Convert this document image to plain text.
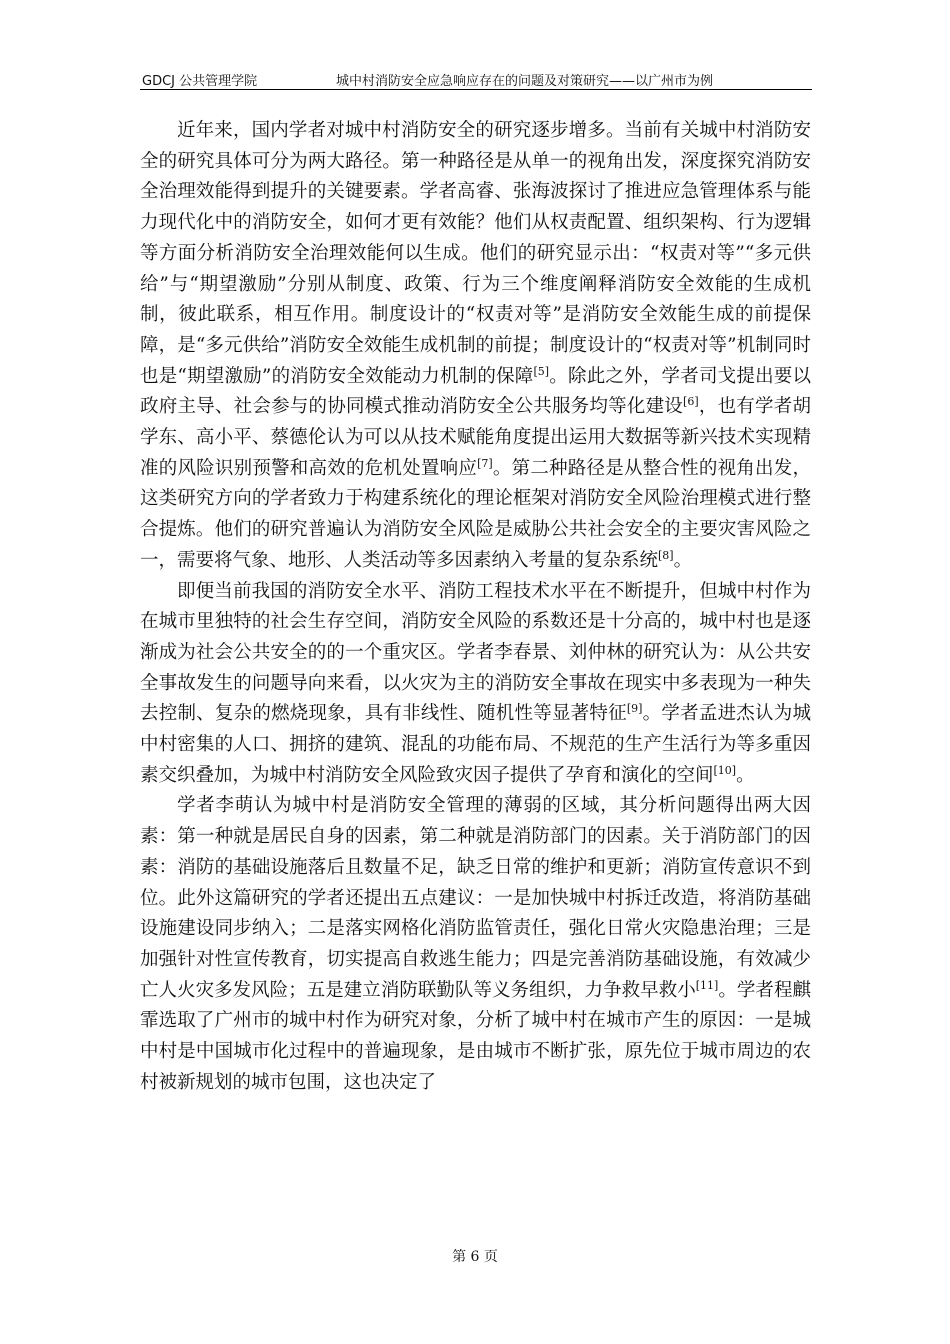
GDCJ 公共管理学院	城中村消防安全应急响应存在的问题及对策研究——以广州市为例

近年来，国内学者对城中村消防安全的研究逐步增多。当前有关城中村消防安全的研究具体可分为两大路径。第一种路径是从单一的视角出发，深度探究消防安全治理效能得到提升的关键要素。学者高睿、张海波探讨了推进应急管理体系与能力现代化中的消防安全，如何才更有效能？他们从权责配置、组织架构、行为逻辑等方面分析消防安全治理效能何以生成。他们的研究显示出：“权责对等”“多元供给”与“期望激励”分别从制度、政策、行为三个维度阐释消防安全效能的生成机制，彼此联系，相互作用。制度设计的“权责对等”是消防安全效能生成的前提保障，是“多元供给”消防安全效能生成机制的前提；制度设计的“权责对等”机制同时也是“期望激励”的消防安全效能动力机制的保障[5]。除此之外，学者司戈提出要以政府主导、社会参与的协同模式推动消防安全公共服务均等化建设[6]，也有学者胡学东、高小平、蔡德伦认为可以从技术赋能角度提出运用大数据等新兴技术实现精准的风险识别预警和高效的危机处置响应[7]。第二种路径是从整合性的视角出发，这类研究方向的学者致力于构建系统化的理论框架对消防安全风险治理模式进行整合提炼。他们的研究普遍认为消防安全风险是威胁公共社会安全的主要灾害风险之一，需要将气象、地形、人类活动等多因素纳入考量的复杂系统[8]。

即便当前我国的消防安全水平、消防工程技术水平在不断提升，但城中村作为在城市里独特的社会生存空间，消防安全风险的系数还是十分高的，城中村也是逐渐成为社会公共安全的的一个重灾区。学者李春景、刘仲林的研究认为：从公共安全事故发生的问题导向来看，以火灾为主的消防安全事故在现实中多表现为一种失去控制、复杂的燃烧现象，具有非线性、随机性等显著特征[9]。学者孟进杰认为城中村密集的人口、拥挤的建筑、混乱的功能布局、不规范的生产生活行为等多重因素交织叠加，为城中村消防安全风险致灾因子提供了孕育和演化的空间[10]。

学者李萌认为城中村是消防安全管理的薄弱的区域，其分析问题得出两大因素：第一种就是居民自身的因素，第二种就是消防部门的因素。关于消防部门的因素：消防的基础设施落后且数量不足，缺乏日常的维护和更新；消防宣传意识不到位。此外这篇研究的学者还提出五点建议：一是加快城中村拆迁改造，将消防基础设施建设同步纳入；二是落实网格化消防监管责任，强化日常火灾隐患治理；三是加强针对性宣传教育，切实提高自救逃生能力；四是完善消防基础设施，有效减少亡人火灾多发风险；五是建立消防联勤队等义务组织，力争救早救小[11]。学者程麒霏选取了广州市的城中村作为研究对象，分析了城中村在城市产生的原因：一是城中村是中国城市化过程中的普遍现象，是由城市不断扩张，原先位于城市周边的农村被新规划的城市包围，这也决定了

第 6 页
